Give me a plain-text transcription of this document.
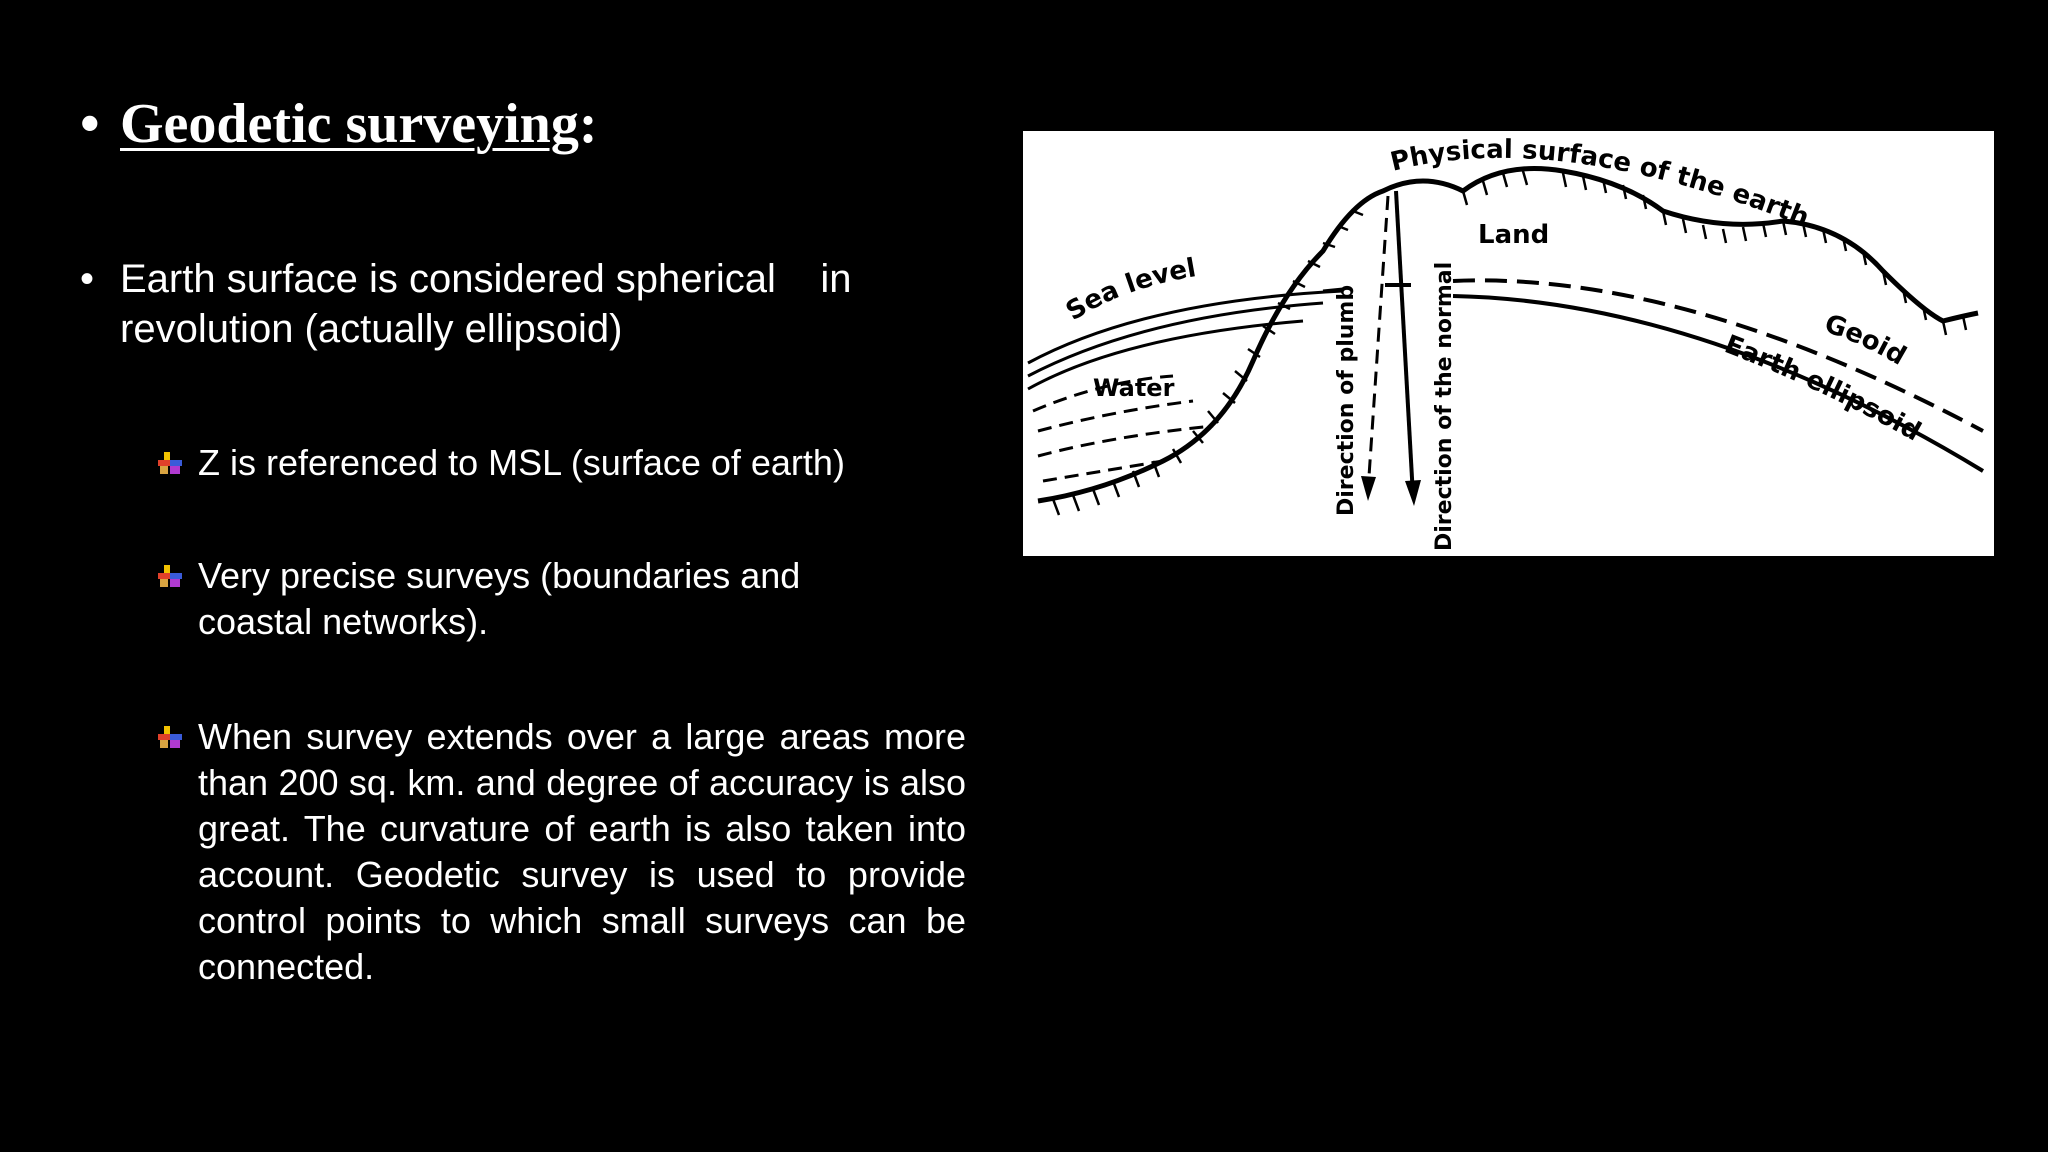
• Geodetic surveying:
• Earth surface is considered spherical    in
revolution (actually ellipsoid)
Z is referenced to MSL (surface of earth)
Very precise surveys (boundaries and
coastal networks).
When survey extends over a large areas more than 200 sq. km. and degree of accuracy is also great. The curvature of earth is also taken into account. Geodetic survey is used to provide control points to which small surveys can be connected.
Physical surface of the earth
Land
Sea level
Water	Direction of plumb	Direction of the normal	Geoid
Earth ellipsoid
